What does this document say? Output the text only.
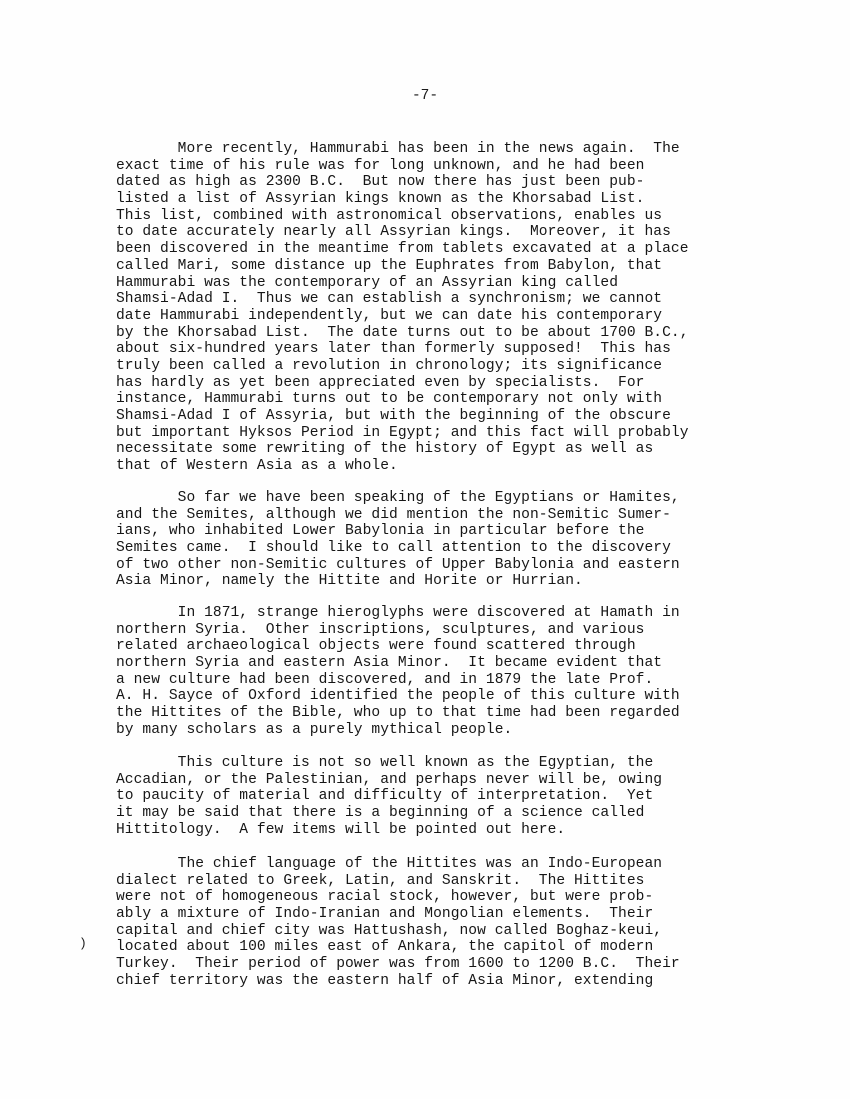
-7-
)
More recently, Hammurabi has been in the news again.  The
exact time of his rule was for long unknown, and he had been
dated as high as 2300 B.C.  But now there has just been pub-
listed a list of Assyrian kings known as the Khorsabad List.
This list, combined with astronomical observations, enables us
to date accurately nearly all Assyrian kings.  Moreover, it has
been discovered in the meantime from tablets excavated at a place
called Mari, some distance up the Euphrates from Babylon, that
Hammurabi was the contemporary of an Assyrian king called
Shamsi-Adad I.  Thus we can establish a synchronism; we cannot
date Hammurabi independently, but we can date his contemporary
by the Khorsabad List.  The date turns out to be about 1700 B.C.,
about six-hundred years later than formerly supposed!  This has
truly been called a revolution in chronology; its significance
has hardly as yet been appreciated even by specialists.  For
instance, Hammurabi turns out to be contemporary not only with
Shamsi-Adad I of Assyria, but with the beginning of the obscure
but important Hyksos Period in Egypt; and this fact will probably
necessitate some rewriting of the history of Egypt as well as
that of Western Asia as a whole.
So far we have been speaking of the Egyptians or Hamites,
and the Semites, although we did mention the non-Semitic Sumer-
ians, who inhabited Lower Babylonia in particular before the
Semites came.  I should like to call attention to the discovery
of two other non-Semitic cultures of Upper Babylonia and eastern
Asia Minor, namely the Hittite and Horite or Hurrian.
In 1871, strange hieroglyphs were discovered at Hamath in
northern Syria.  Other inscriptions, sculptures, and various
related archaeological objects were found scattered through
northern Syria and eastern Asia Minor.  It became evident that
a new culture had been discovered, and in 1879 the late Prof.
A. H. Sayce of Oxford identified the people of this culture with
the Hittites of the Bible, who up to that time had been regarded
by many scholars as a purely mythical people.
This culture is not so well known as the Egyptian, the
Accadian, or the Palestinian, and perhaps never will be, owing
to paucity of material and difficulty of interpretation.  Yet
it may be said that there is a beginning of a science called
Hittitology.  A few items will be pointed out here.
The chief language of the Hittites was an Indo-European
dialect related to Greek, Latin, and Sanskrit.  The Hittites
were not of homogeneous racial stock, however, but were prob-
ably a mixture of Indo-Iranian and Mongolian elements.  Their
capital and chief city was Hattushash, now called Boghaz-keui,
located about 100 miles east of Ankara, the capitol of modern
Turkey.  Their period of power was from 1600 to 1200 B.C.  Their
chief territory was the eastern half of Asia Minor, extending
